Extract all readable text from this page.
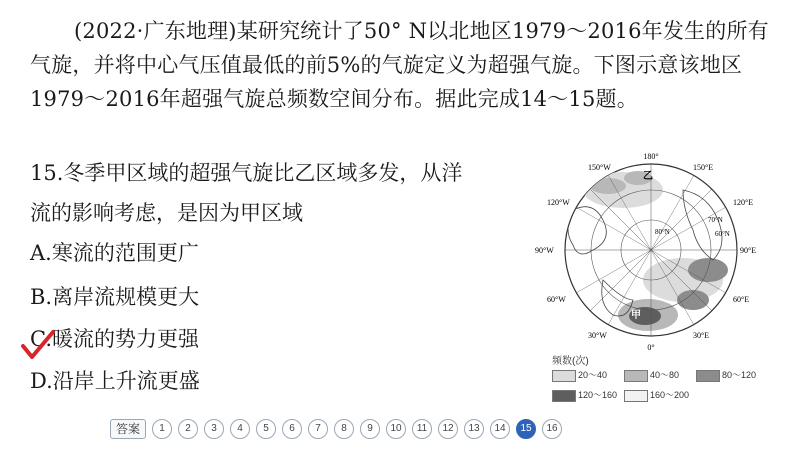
(2022·广东地理)某研究统计了50° N以北地区1979～2016年发生的所有气旋，并将中心气压值最低的前5%的气旋定义为超强气旋。下图示意该地区1979～2016年超强气旋总频数空间分布。据此完成14～15题。
15.冬季甲区域的超强气旋比乙区域多发，从洋
流的影响考虑，是因为甲区域
A.寒流的范围更广
B.离岸流规模更大
C.暖流的势力更强
D.沿岸上升流更盛
180°
0°
90°W	90°E
150°W
120°W
150°E
120°E
60°W
30°W
60°E
30°E
80°N	60°N
70°N
甲
乙
频数(次)
20～40	40～80	80～120
120～160	160～200
答案	1	2	3	4	5	6	7	8	9	10	11	12	13	14	15	16
